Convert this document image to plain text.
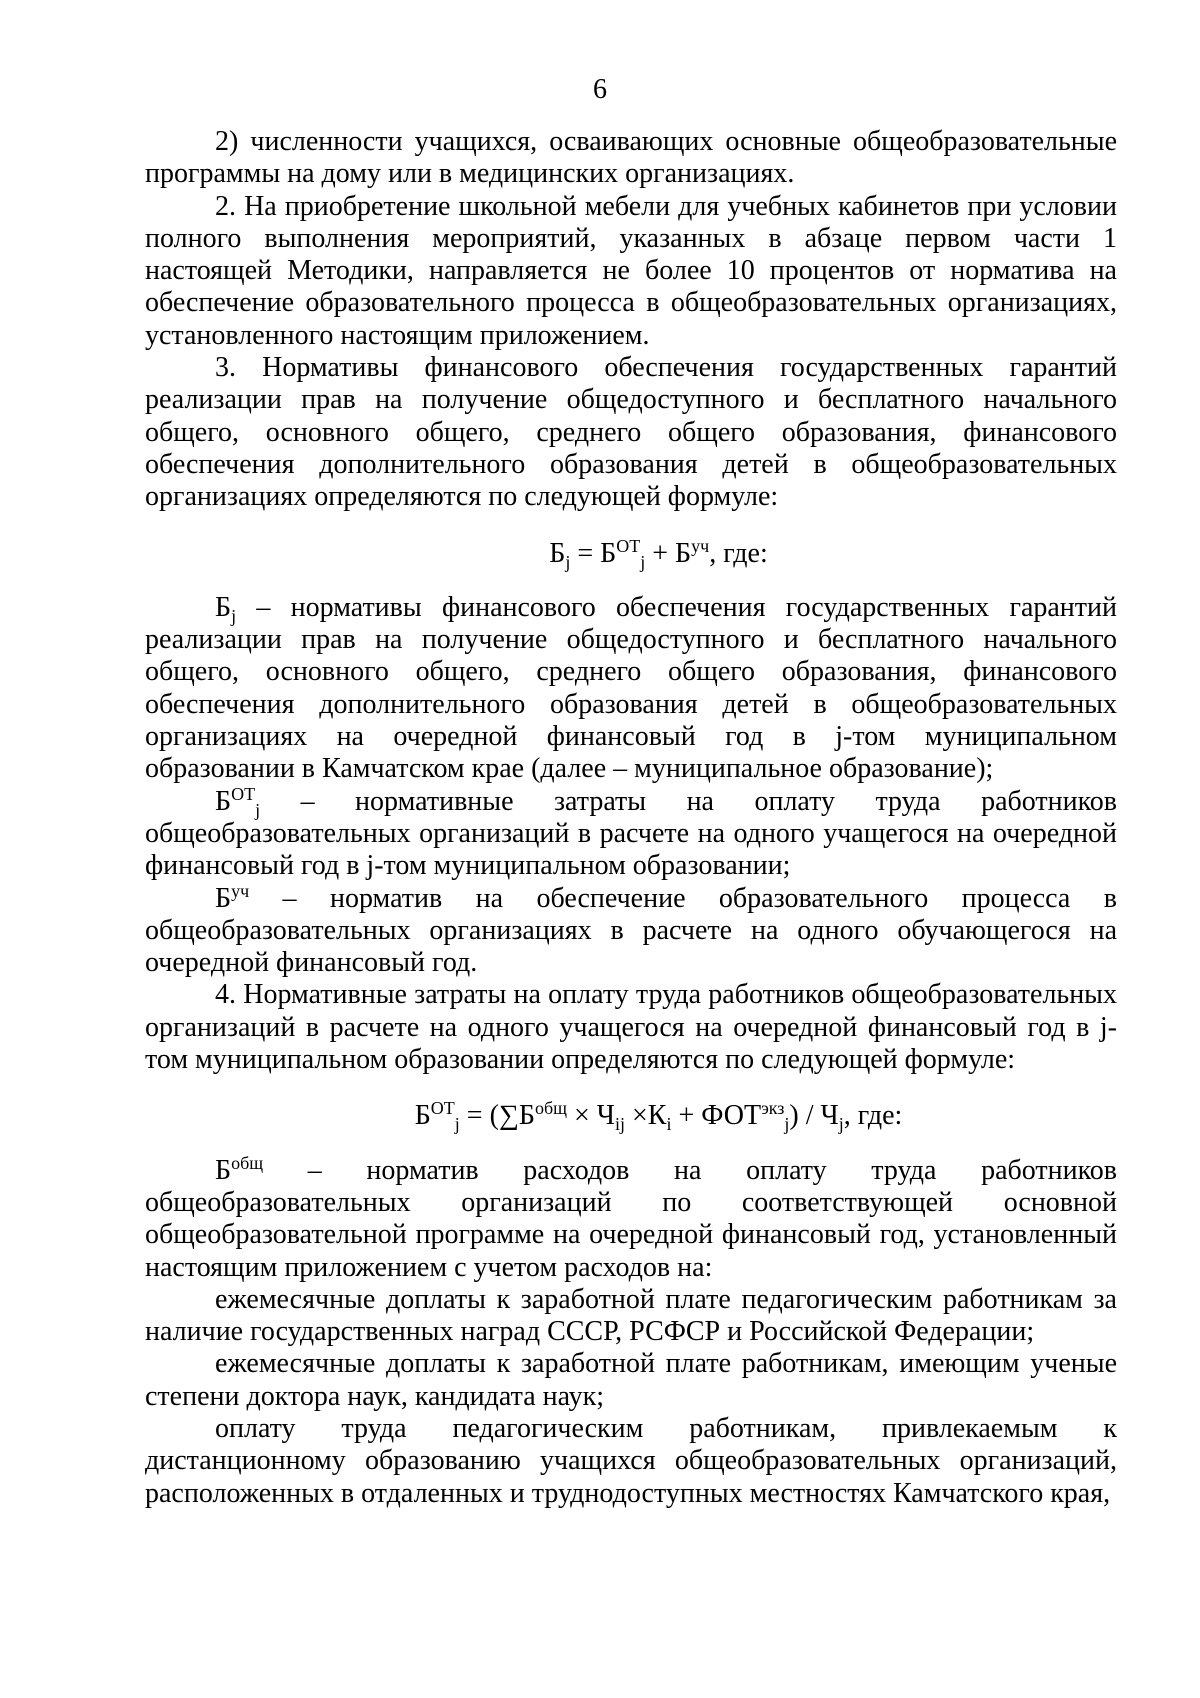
6

2) численности учащихся, осваивающих основные общеобразовательные программы на дому или в медицинских организациях.

2. На приобретение школьной мебели для учебных кабинетов при условии полного выполнения мероприятий, указанных в абзаце первом части 1 настоящей Методики, направляется не более 10 процентов от норматива на обеспечение образовательного процесса в общеобразовательных организациях, установленного настоящим приложением.

3. Нормативы финансового обеспечения государственных гарантий реализации прав на получение общедоступного и бесплатного начального общего, основного общего, среднего общего образования, финансового обеспечения дополнительного образования детей в общеобразовательных организациях определяются по следующей формуле:

$Б_j = Б^{ОТ}_j + Б^{уч}$, где:

$Б_j$ – нормативы финансового обеспечения государственных гарантий реализации прав на получение общедоступного и бесплатного начального общего, основного общего, среднего общего образования, финансового обеспечения дополнительного образования детей в общеобразовательных организациях на очередной финансовый год в j-том муниципальном образовании в Камчатском крае (далее – муниципальное образование);

$Б^{ОТ}_j$ – нормативные затраты на оплату труда работников общеобразовательных организаций в расчете на одного учащегося на очередной финансовый год в j-том муниципальном образовании;

$Б^{уч}$ – норматив на обеспечение образовательного процесса в общеобразовательных организациях в расчете на одного обучающегося на очередной финансовый год.

4. Нормативные затраты на оплату труда работников общеобразовательных организаций в расчете на одного учащегося на очередной финансовый год в j-том муниципальном образовании определяются по следующей формуле:

$Б^{ОТ}_j = (\sum Б^{общ} \times Ч_{ij} \times К_i + ФОТ^{экз}_j) / Ч_j$, где:

$Б^{общ}$ – норматив расходов на оплату труда работников общеобразовательных организаций по соответствующей основной общеобразовательной программе на очередной финансовый год, установленный настоящим приложением с учетом расходов на:

ежемесячные доплаты к заработной плате педагогическим работникам за наличие государственных наград СССР, РСФСР и Российской Федерации;

ежемесячные доплаты к заработной плате работникам, имеющим ученые степени доктора наук, кандидата наук;

оплату труда педагогическим работникам, привлекаемым к дистанционному образованию учащихся общеобразовательных организаций, расположенных в отдаленных и труднодоступных местностях Камчатского края,
